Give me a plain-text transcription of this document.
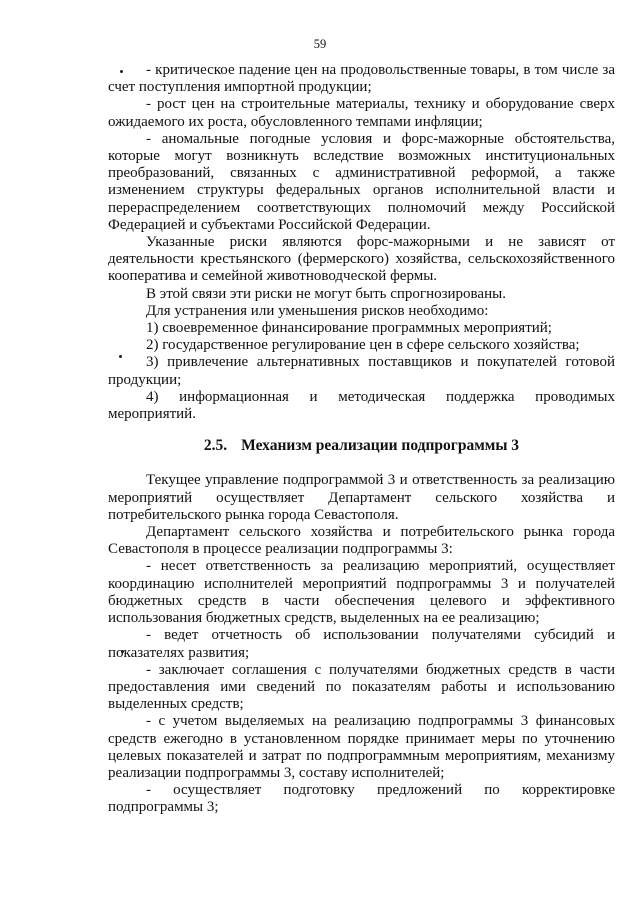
59

- критическое падение цен на продовольственные товары, в том числе за счет поступления импортной продукции;

- рост цен на строительные материалы, технику и оборудование сверх ожидаемого их роста, обусловленного темпами инфляции;

- аномальные погодные условия и форс-мажорные обстоятельства, которые могут возникнуть вследствие возможных институциональных преобразований, связанных с административной реформой, а также изменением структуры федеральных органов исполнительной власти и перераспределением соответствующих полномочий между Российской Федерацией и субъектами Российской Федерации.

Указанные риски являются форс-мажорными и не зависят от деятельности крестьянского (фермерского) хозяйства, сельскохозяйственного кооператива и семейной животноводческой фермы.

В этой связи эти риски не могут быть спрогнозированы.

Для устранения или уменьшения рисков необходимо:

1) своевременное финансирование программных мероприятий;

2) государственное регулирование цен в сфере сельского хозяйства;

3) привлечение альтернативных поставщиков и покупателей готовой продукции;

4) информационная и методическая поддержка проводимых мероприятий.

2.5. Механизм реализации подпрограммы 3

Текущее управление подпрограммой 3 и ответственность за реализацию мероприятий осуществляет Департамент сельского хозяйства и потребительского рынка города Севастополя.

Департамент сельского хозяйства и потребительского рынка города Севастополя в процессе реализации подпрограммы 3:

- несет ответственность за реализацию мероприятий, осуществляет координацию исполнителей мероприятий подпрограммы 3 и получателей бюджетных средств в части обеспечения целевого и эффективного использования бюджетных средств, выделенных на ее реализацию;

- ведет отчетность об использовании получателями субсидий и показателях развития;

- заключает соглашения с получателями бюджетных средств в части предоставления ими сведений по показателям работы и использованию выделенных средств;

- с учетом выделяемых на реализацию подпрограммы 3 финансовых средств ежегодно в установленном порядке принимает меры по уточнению целевых показателей и затрат по подпрограммным мероприятиям, механизму реализации подпрограммы 3, составу исполнителей;

- осуществляет подготовку предложений по корректировке подпрограммы 3;
